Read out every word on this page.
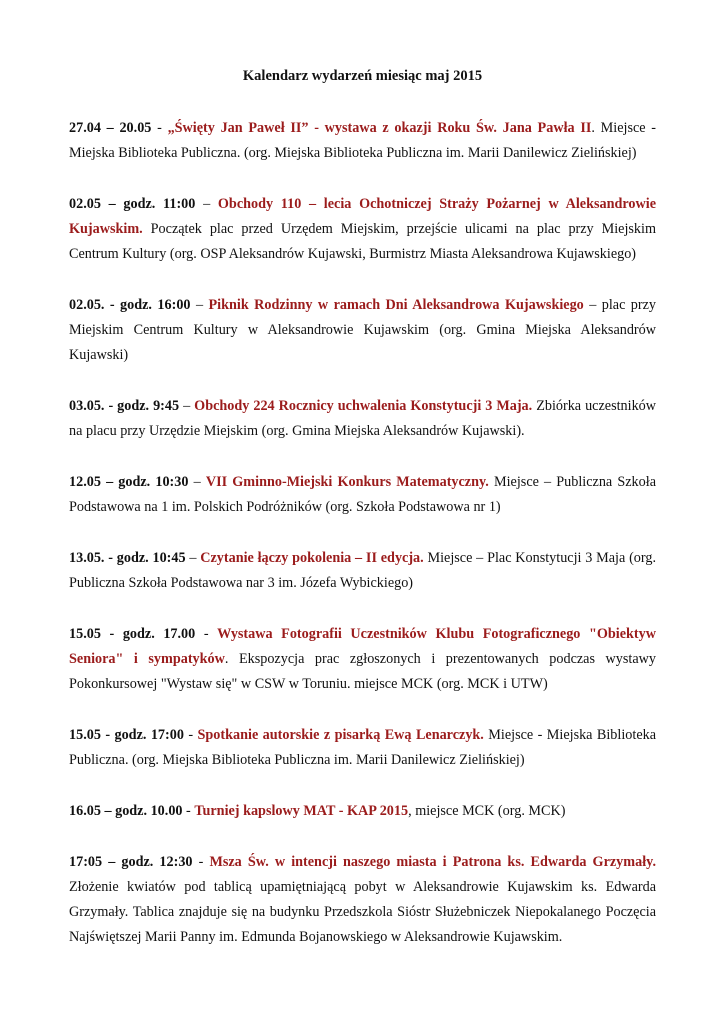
Kalendarz wydarzeń miesiąc maj 2015

27.04 – 20.05 - „Święty Jan Paweł II” - wystawa z okazji Roku Św. Jana Pawła II. Miejsce - Miejska Biblioteka Publiczna. (org. Miejska Biblioteka Publiczna im. Marii Danilewicz Zielińskiej)

02.05 – godz. 11:00 – Obchody 110 – lecia Ochotniczej Straży Pożarnej w Aleksandrowie Kujawskim. Początek plac przed Urzędem Miejskim, przejście ulicami na plac przy Miejskim Centrum Kultury (org. OSP Aleksandrów Kujawski, Burmistrz Miasta Aleksandrowa Kujawskiego)

02.05. - godz. 16:00 – Piknik Rodzinny w ramach Dni Aleksandrowa Kujawskiego – plac przy Miejskim Centrum Kultury w Aleksandrowie Kujawskim (org. Gmina Miejska Aleksandrów Kujawski)

03.05. - godz. 9:45 – Obchody 224 Rocznicy uchwalenia Konstytucji 3 Maja. Zbiórka uczestników na placu przy Urzędzie Miejskim (org. Gmina Miejska Aleksandrów Kujawski).

12.05 – godz. 10:30 – VII Gminno-Miejski Konkurs Matematyczny. Miejsce – Publiczna Szkoła Podstawowa na 1 im. Polskich Podróżników (org. Szkoła Podstawowa nr 1)

13.05. - godz. 10:45 – Czytanie łączy pokolenia – II edycja. Miejsce – Plac Konstytucji 3 Maja (org. Publiczna Szkoła Podstawowa nar 3 im. Józefa Wybickiego)

15.05 - godz. 17.00 - Wystawa Fotografii Uczestników Klubu Fotograficznego "Obiektyw Seniora" i sympatyków. Ekspozycja prac zgłoszonych i prezentowanych podczas wystawy Pokonkursowej "Wystaw się" w CSW w Toruniu. miejsce MCK (org. MCK i UTW)

15.05 - godz. 17:00 - Spotkanie autorskie z pisarką Ewą Lenarczyk. Miejsce - Miejska Biblioteka Publiczna. (org. Miejska Biblioteka Publiczna im. Marii Danilewicz Zielińskiej)

16.05 – godz. 10.00 - Turniej kapslowy MAT - KAP 2015, miejsce MCK (org. MCK)

17:05 – godz. 12:30 - Msza Św. w intencji naszego miasta i Patrona ks. Edwarda Grzymały. Złożenie kwiatów pod tablicą upamiętniającą pobyt w Aleksandrowie Kujawskim ks. Edwarda Grzymały. Tablica znajduje się na budynku Przedszkola Sióstr Służebniczek Niepokalanego Poczęcia Najświętszej Marii Panny im. Edmunda Bojanowskiego w Aleksandrowie Kujawskim.
